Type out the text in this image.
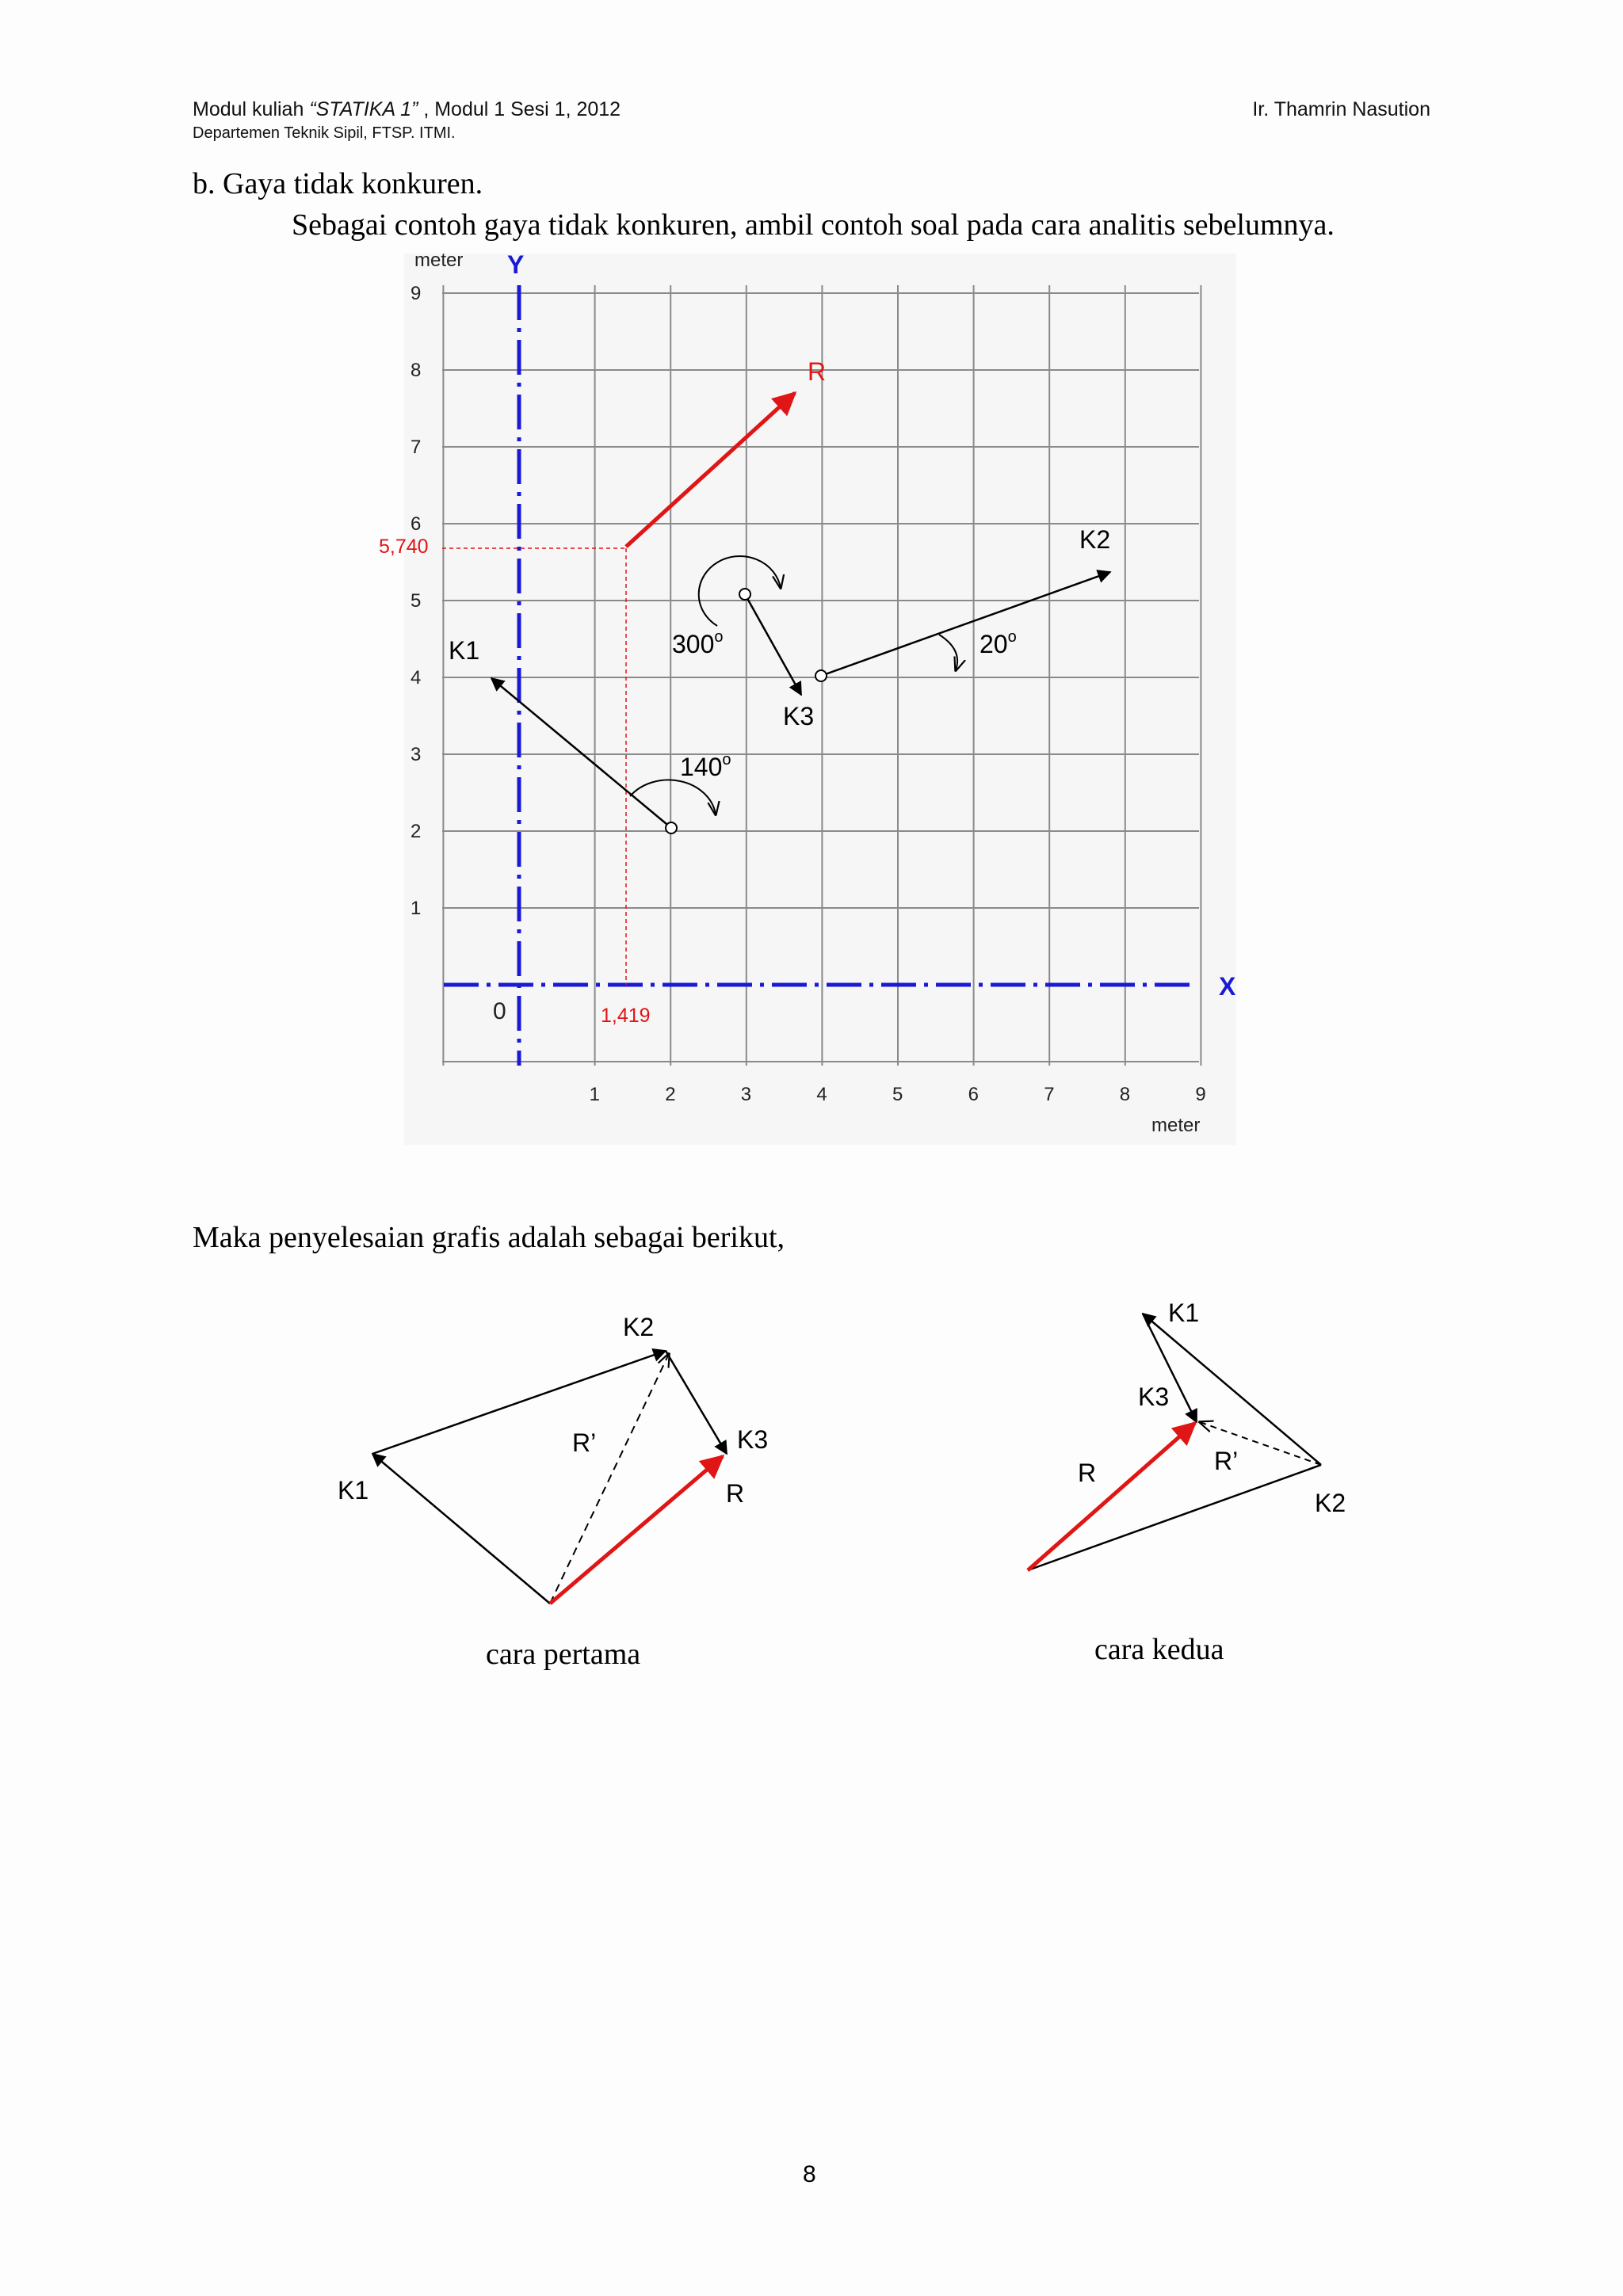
Modul kuliah “STATIKA 1” , Modul 1 Sesi 1, 2012
Departemen Teknik Sipil, FTSP. ITMI.
Ir. Thamrin Nasution
b. Gaya tidak konkuren.
Sebagai contoh gaya tidak konkuren, ambil contoh soal pada cara analitis sebelumnya.
1	2	3	4	5	6	7	8	9
1
2
3
4
5
6
7
8
9
meter
meter
Y
X
0
5,740
1,419
R
K1
140$^o$
K3
300$^o$
K2
20$^o$
K1
K2
K3
R’
R
K1
K3
K2
R’
R
Maka penyelesaian grafis adalah sebagai berikut,
cara pertama	cara kedua
8
